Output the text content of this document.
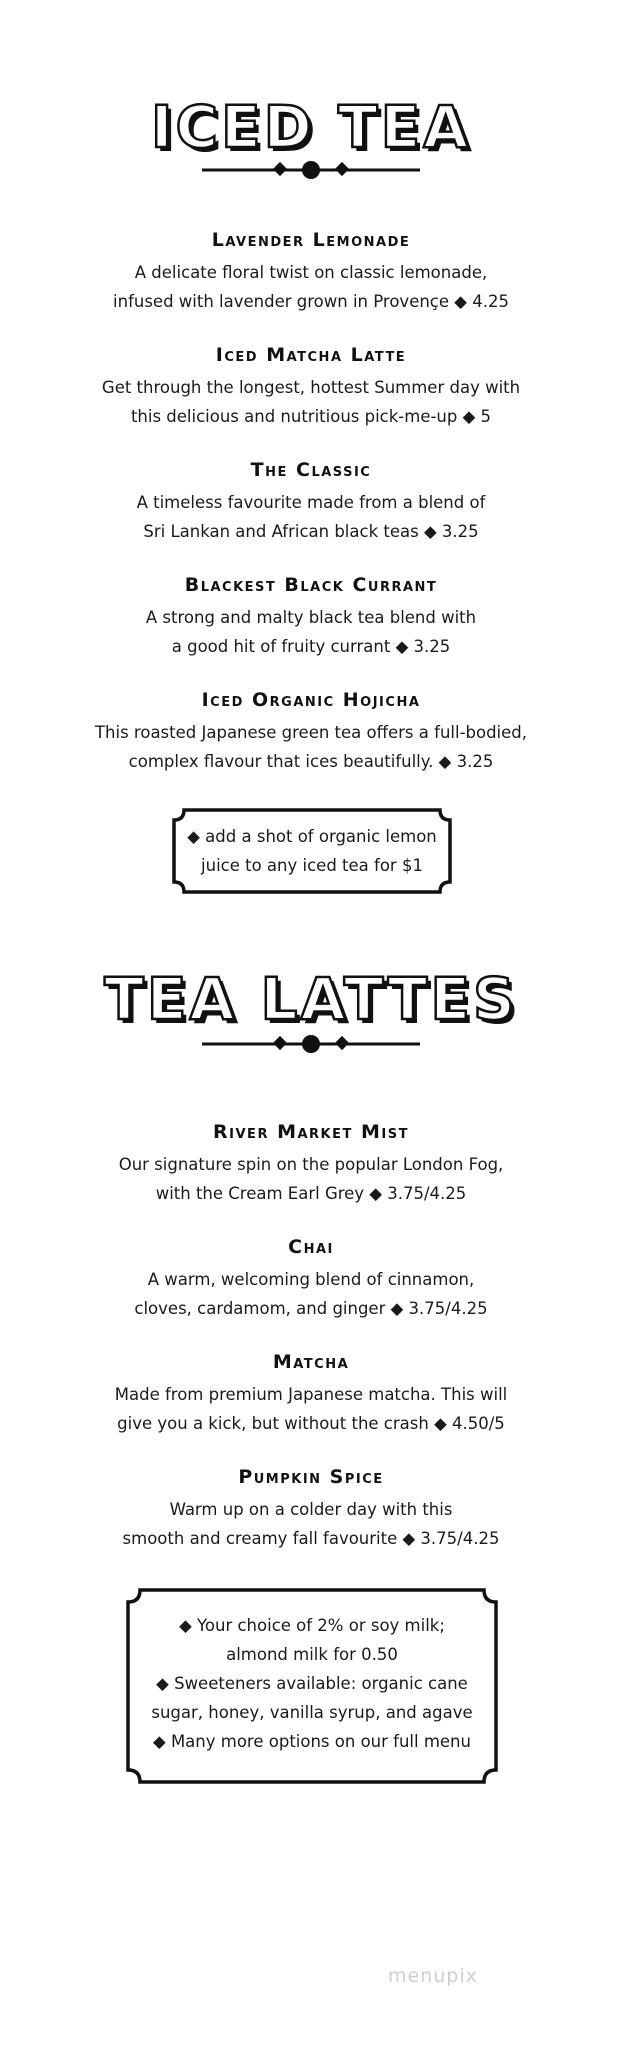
ICED TEA
Lavender Lemonade
A delicate floral twist on classic lemonade,
infused with lavender grown in Provençe ◆ 4.25
Iced Matcha Latte
Get through the longest, hottest Summer day with
this delicious and nutritious pick-me-up ◆ 5
The Classic
A timeless favourite made from a blend of
Sri Lankan and African black teas ◆ 3.25
Blackest Black Currant
A strong and malty black tea blend with
a good hit of fruity currant ◆ 3.25
Iced Organic Hojicha
This roasted Japanese green tea offers a full-bodied,
complex flavour that ices beautifully. ◆ 3.25
◆ add a shot of organic lemon
juice to any iced tea for $1
TEA LATTES
River Market Mist
Our signature spin on the popular London Fog,
with the Cream Earl Grey ◆ 3.75/4.25
Chai
A warm, welcoming blend of cinnamon,
cloves, cardamom, and ginger ◆ 3.75/4.25
Matcha
Made from premium Japanese matcha. This will
give you a kick, but without the crash ◆ 4.50/5
Pumpkin Spice
Warm up on a colder day with this
smooth and creamy fall favourite ◆ 3.75/4.25
◆ Your choice of 2% or soy milk;
almond milk for 0.50
◆ Sweeteners available: organic cane
sugar, honey, vanilla syrup, and agave
◆ Many more options on our full menu
menupix
